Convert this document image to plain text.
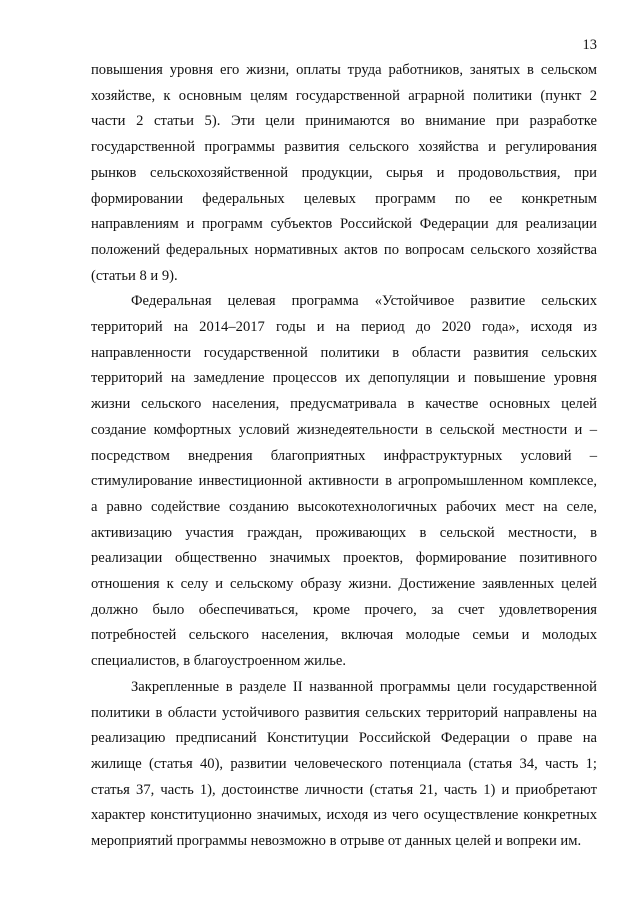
13

повышения уровня его жизни, оплаты труда работников, занятых в сельском
хозяйстве, к основным целям государственной аграрной политики (пункт 2
части 2 статьи 5). Эти цели принимаются во внимание при разработке
государственной программы развития сельского хозяйства и регулирования
рынков сельскохозяйственной продукции, сырья и продовольствия, при
формировании федеральных целевых программ по ее конкретным
направлениям и программ субъектов Российской Федерации для реализации
положений федеральных нормативных актов по вопросам сельского хозяйства
(статьи 8 и 9).

Федеральная целевая программа «Устойчивое развитие сельских
территорий на 2014–2017 годы и на период до 2020 года», исходя из
направленности государственной политики в области развития сельских
территорий на замедление процессов их депопуляции и повышение уровня
жизни сельского населения, предусматривала в качестве основных целей
создание комфортных условий жизнедеятельности в сельской местности и –
посредством внедрения благоприятных инфраструктурных условий –
стимулирование инвестиционной активности в агропромышленном комплексе,
а равно содействие созданию высокотехнологичных рабочих мест на селе,
активизацию участия граждан, проживающих в сельской местности, в
реализации общественно значимых проектов, формирование позитивного
отношения к селу и сельскому образу жизни. Достижение заявленных целей
должно было обеспечиваться, кроме прочего, за счет удовлетворения
потребностей сельского населения, включая молодые семьи и молодых
специалистов, в благоустроенном жилье.

Закрепленные в разделе II названной программы цели государственной
политики в области устойчивого развития сельских территорий направлены на
реализацию предписаний Конституции Российской Федерации о праве на
жилище (статья 40), развитии человеческого потенциала (статья 34, часть 1;
статья 37, часть 1), достоинстве личности (статья 21, часть 1) и приобретают
характер конституционно значимых, исходя из чего осуществление конкретных
мероприятий программы невозможно в отрыве от данных целей и вопреки им.
